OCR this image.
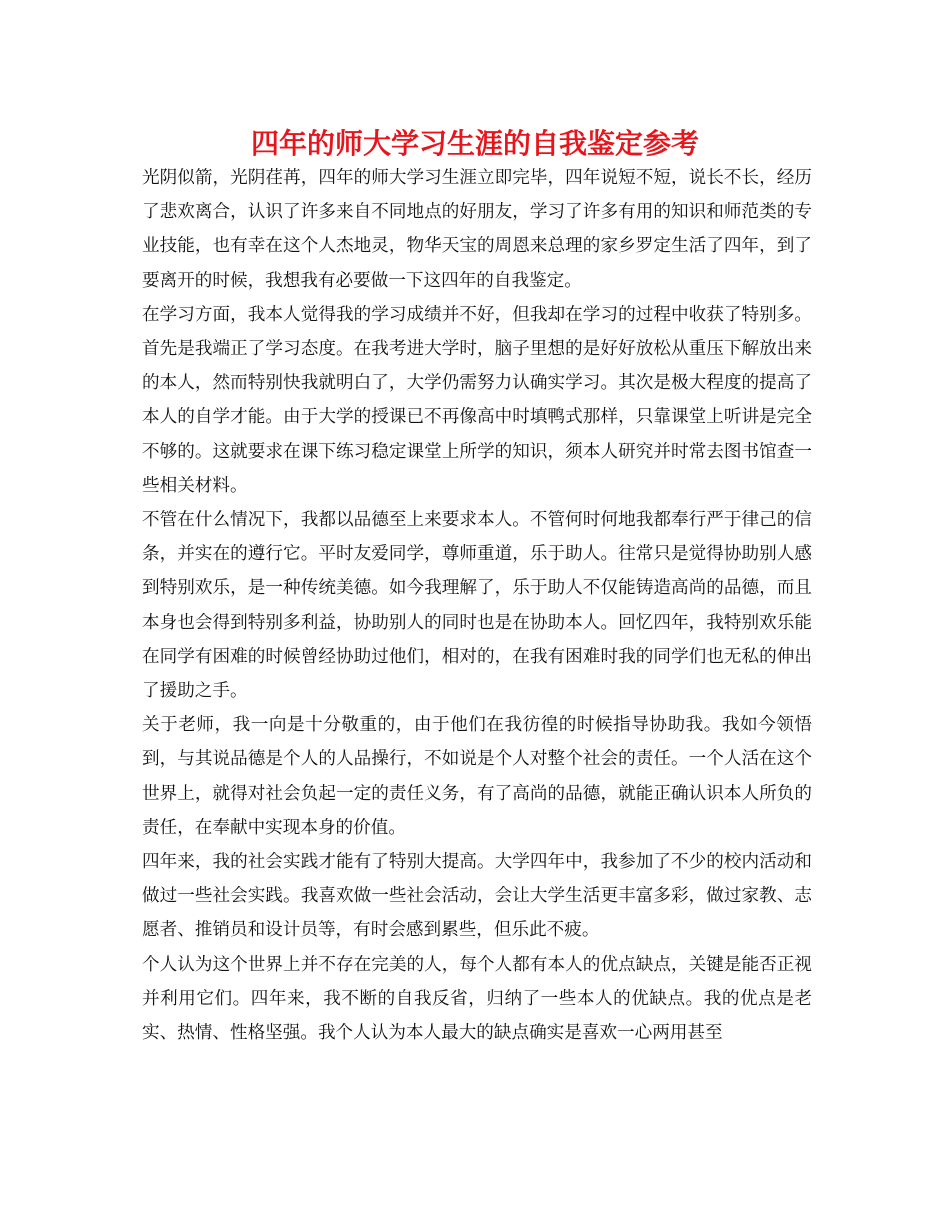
四年的师大学习生涯的自我鉴定参考

光阴似箭，光阴荏苒，四年的师大学习生涯立即完毕，四年说短不短，说长不长，经历了悲欢离合，认识了许多来自不同地点的好朋友，学习了许多有用的知识和师范类的专业技能，也有幸在这个人杰地灵，物华天宝的周恩来总理的家乡罗定生活了四年，到了要离开的时候，我想我有必要做一下这四年的自我鉴定。

在学习方面，我本人觉得我的学习成绩并不好，但我却在学习的过程中收获了特别多。首先是我端正了学习态度。在我考进大学时，脑子里想的是好好放松从重压下解放出来的本人，然而特别快我就明白了，大学仍需努力认确实学习。其次是极大程度的提高了本人的自学才能。由于大学的授课已不再像高中时填鸭式那样，只靠课堂上听讲是完全不够的。这就要求在课下练习稳定课堂上所学的知识，须本人研究并时常去图书馆查一些相关材料。

不管在什么情况下，我都以品德至上来要求本人。不管何时何地我都奉行严于律己的信条，并实在的遵行它。平时友爱同学，尊师重道，乐于助人。往常只是觉得协助别人感到特别欢乐，是一种传统美德。如今我理解了，乐于助人不仅能铸造高尚的品德，而且本身也会得到特别多利益，协助别人的同时也是在协助本人。回忆四年，我特别欢乐能在同学有困难的时候曾经协助过他们，相对的，在我有困难时我的同学们也无私的伸出了援助之手。

关于老师，我一向是十分敬重的，由于他们在我彷徨的时候指导协助我。我如今领悟到，与其说品德是个人的人品操行，不如说是个人对整个社会的责任。一个人活在这个世界上，就得对社会负起一定的责任义务，有了高尚的品德，就能正确认识本人所负的责任，在奉献中实现本身的价值。

四年来，我的社会实践才能有了特别大提高。大学四年中，我参加了不少的校内活动和做过一些社会实践。我喜欢做一些社会活动，会让大学生活更丰富多彩，做过家教、志愿者、推销员和设计员等，有时会感到累些，但乐此不疲。

个人认为这个世界上并不存在完美的人，每个人都有本人的优点缺点，关键是能否正视并利用它们。四年来，我不断的自我反省，归纳了一些本人的优缺点。我的优点是老实、热情、性格坚强。我个人认为本人最大的缺点确实是喜欢一心两用甚至
